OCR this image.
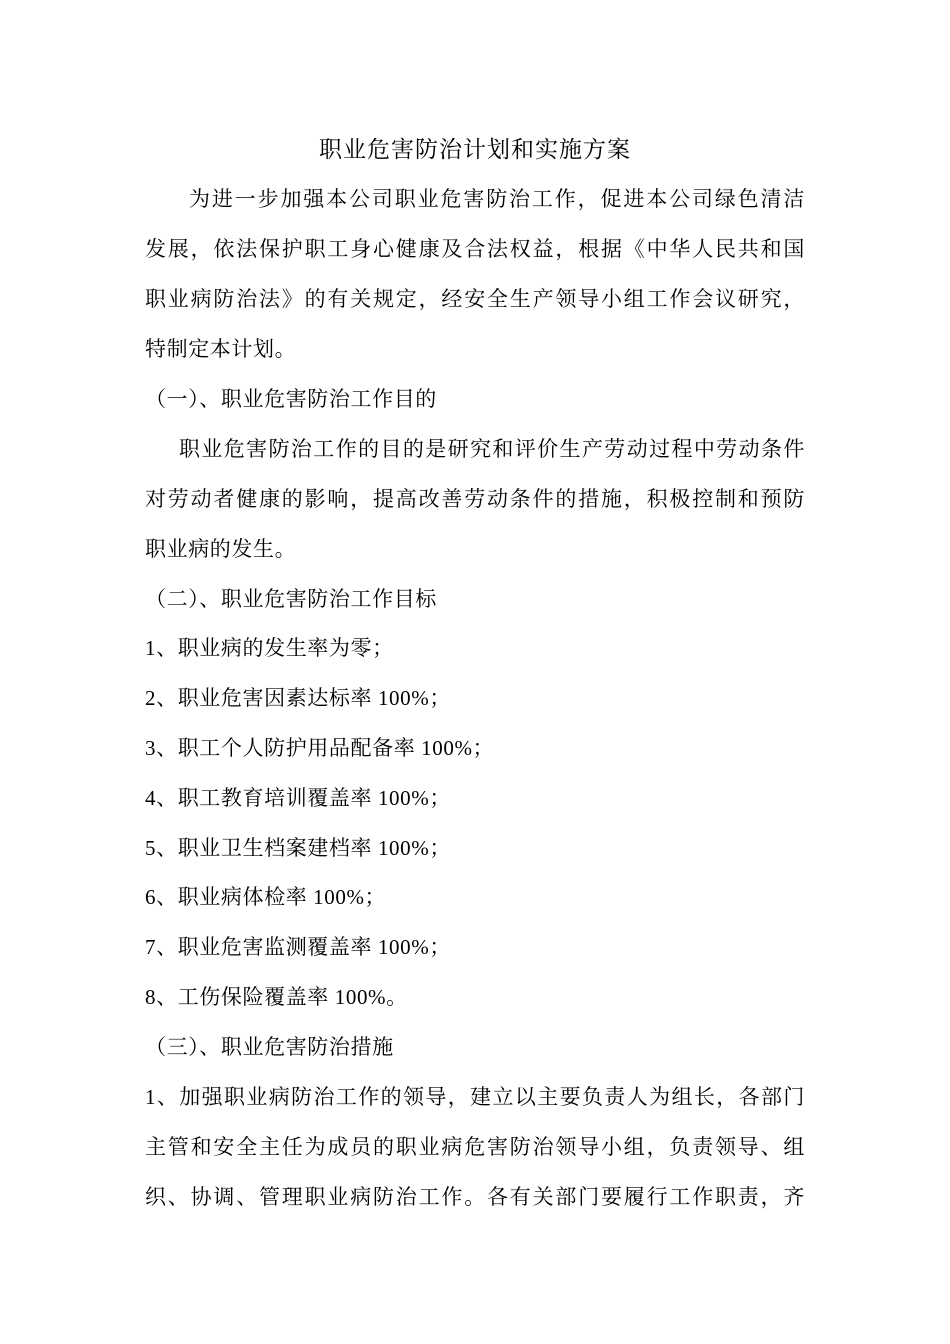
职业危害防治计划和实施方案
为进一步加强本公司职业危害防治工作，促进本公司绿色清洁
发展，依法保护职工身心健康及合法权益，根据《中华人民共和国
职业病防治法》的有关规定，经安全生产领导小组工作会议研究，
特制定本计划。
（一）、职业危害防治工作目的
职业危害防治工作的目的是研究和评价生产劳动过程中劳动条件
对劳动者健康的影响，提高改善劳动条件的措施，积极控制和预防
职业病的发生。
（二）、职业危害防治工作目标
1、职业病的发生率为零；
2、职业危害因素达标率 100%；
3、职工个人防护用品配备率 100%；
4、职工教育培训覆盖率 100%；
5、职业卫生档案建档率 100%；
6、职业病体检率 100%；
7、职业危害监测覆盖率 100%；
8、工伤保险覆盖率 100%。
（三）、职业危害防治措施
1、加强职业病防治工作的领导，建立以主要负责人为组长，各部门
主管和安全主任为成员的职业病危害防治领导小组，负责领导、组
织、协调、管理职业病防治工作。各有关部门要履行工作职责，齐
